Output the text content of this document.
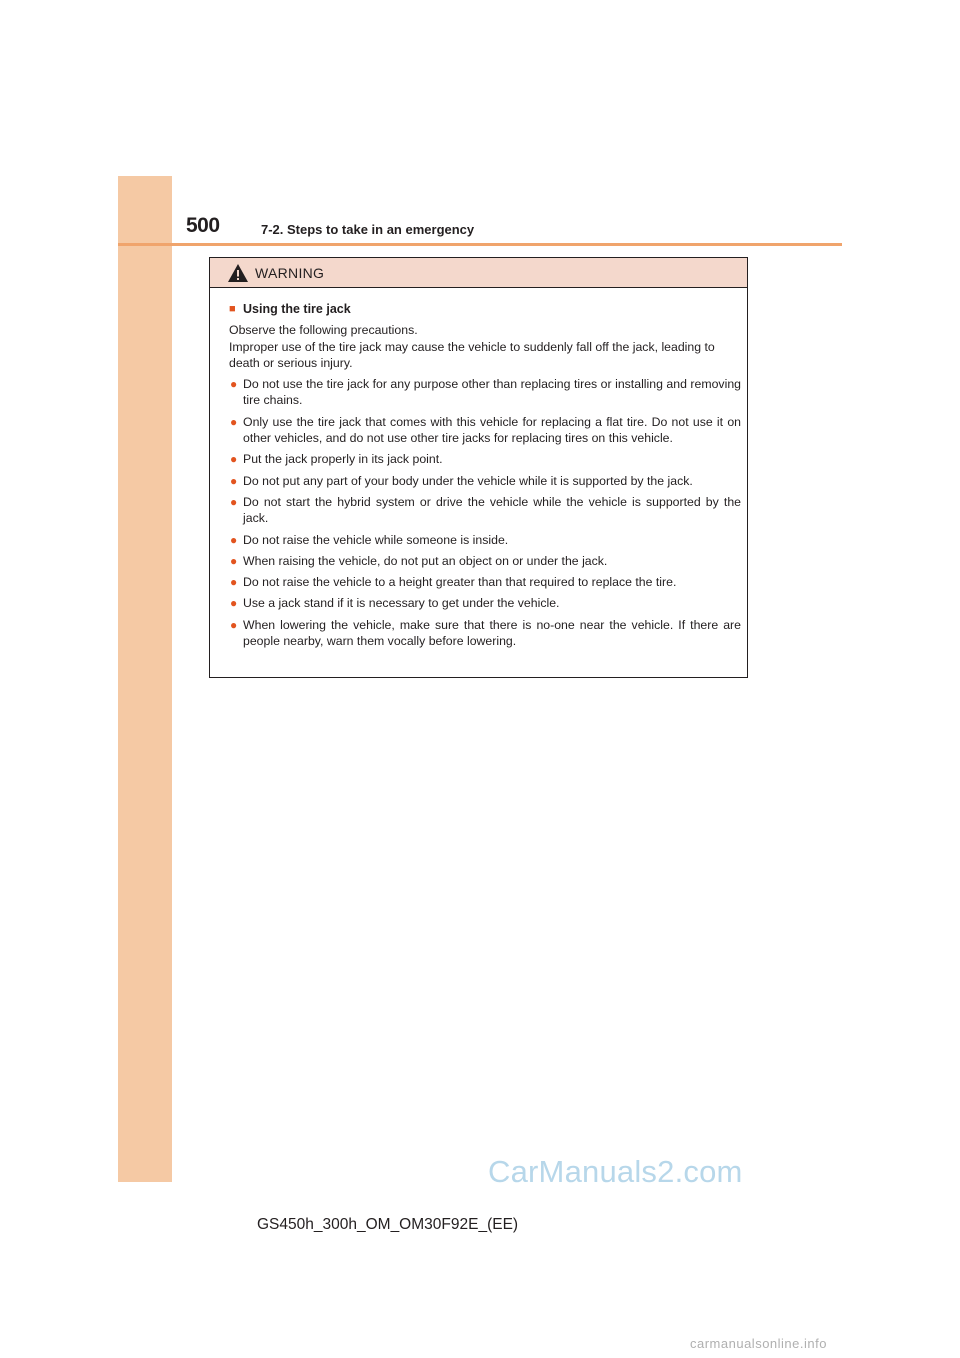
500	7-2. Steps to take in an emergency
WARNING
■ Using the tire jack
Observe the following precautions.
Improper use of the tire jack may cause the vehicle to suddenly fall off the jack, leading to death or serious injury.
● Do not use the tire jack for any purpose other than replacing tires or installing and removing tire chains.
● Only use the tire jack that comes with this vehicle for replacing a flat tire. Do not use it on other vehicles, and do not use other tire jacks for replacing tires on this vehicle.
● Put the jack properly in its jack point.
● Do not put any part of your body under the vehicle while it is supported by the jack.
● Do not start the hybrid system or drive the vehicle while the vehicle is supported by the jack.
● Do not raise the vehicle while someone is inside.
● When raising the vehicle, do not put an object on or under the jack.
● Do not raise the vehicle to a height greater than that required to replace the tire.
● Use a jack stand if it is necessary to get under the vehicle.
● When lowering the vehicle, make sure that there is no-one near the vehicle. If there are people nearby, warn them vocally before lowering.
CarManuals2.com
GS450h_300h_OM_OM30F92E_(EE)
carmanualsonline.info
